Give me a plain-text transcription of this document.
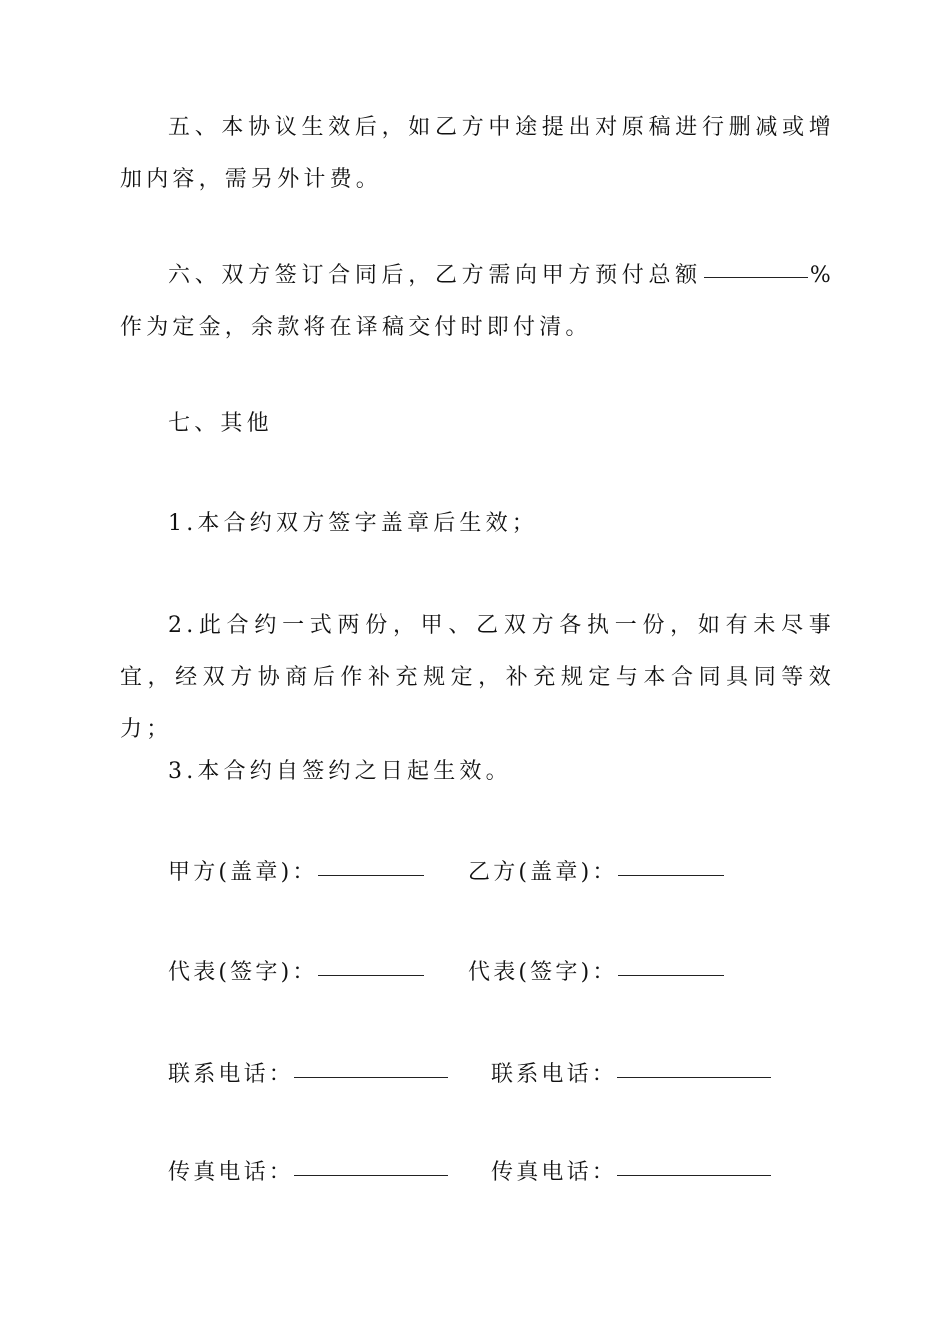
五、本协议生效后，如乙方中途提出对原稿进行删减或增加内容，需另外计费。

六、双方签订合同后，乙方需向甲方预付总额	%作为定金，余款将在译稿交付时即付清。

七、其他

1.本合约双方签字盖章后生效；

2.此合约一式两份，甲、乙双方各执一份，如有未尽事宜，经双方协商后作补充规定，补充规定与本合同具同等效力；

3.本合约自签约之日起生效。

甲方(盖章)：	乙方(盖章)：
代表(签字)：	代表(签字)：
联系电话：	联系电话：
传真电话：	传真电话：
